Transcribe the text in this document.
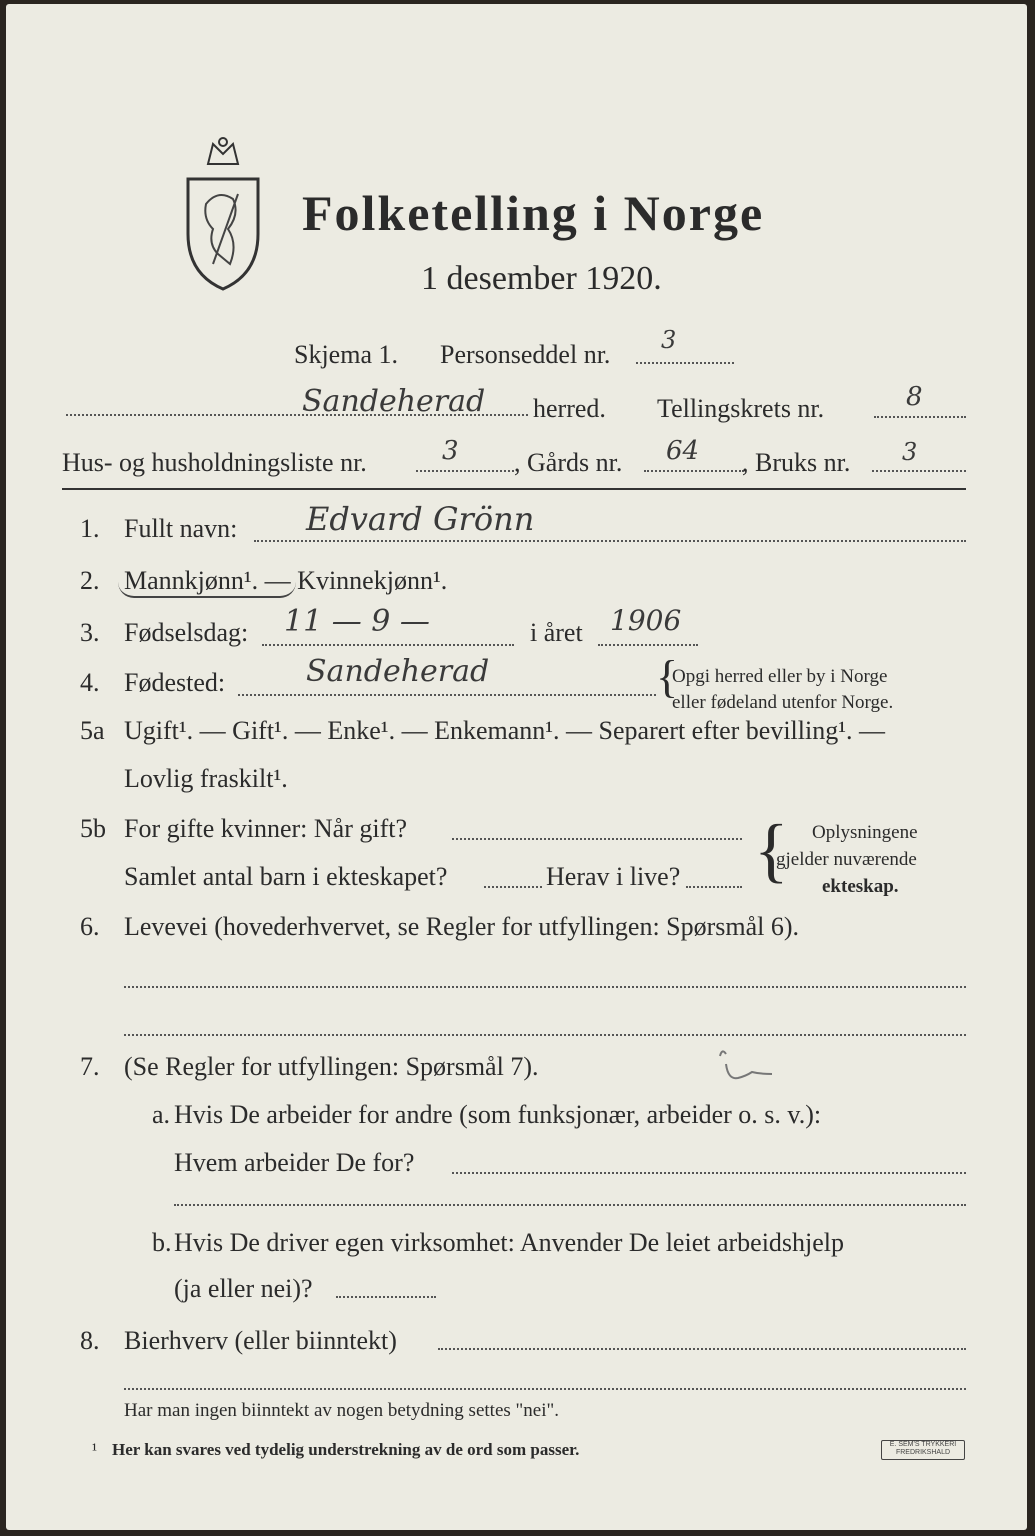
Folketelling i Norge
1 desember 1920.
Skjema 1. Personseddel nr. 3
Sandeherad herred. Tellingskrets nr.	8
Hus- og husholdningsliste nr.	3 , Gårds nr. 64 , Bruks nr. 3
1. Fullt navn: Edvard Grönn
2. Mannkjønn¹. — Kvinnekjønn¹.
3. Fødselsdag: 11 — 9 —	i året 1906
4. Fødested:	Sandeherad	{
Opgi herred eller by i Norge
eller fødeland utenfor Norge.
5a Ugift¹. — Gift¹. — Enke¹. — Enkemann¹. — Separert efter bevilling¹. —
Lovlig fraskilt¹.
5b For gifte kvinner: Når gift?
Samlet antal barn i ekteskapet?	Herav i live? { Oplysningene
gjelder nuværende
ekteskap.
6. Levevei (hovederhvervet, se Regler for utfyllingen: Spørsmål 6).
7. (Se Regler for utfyllingen: Spørsmål 7).
a. Hvis De arbeider for andre (som funksjonær, arbeider o. s. v.):
Hvem arbeider De for?
b. Hvis De driver egen virksomhet: Anvender De leiet arbeidshjelp
(ja eller nei)?
8. Bierhverv (eller biinntekt)
Har man ingen biinntekt av nogen betydning settes "nei".
¹ Her kan svares ved tydelig understrekning av de ord som passer.	E. SEM'S TRYKKERI FREDRIKSHALD
